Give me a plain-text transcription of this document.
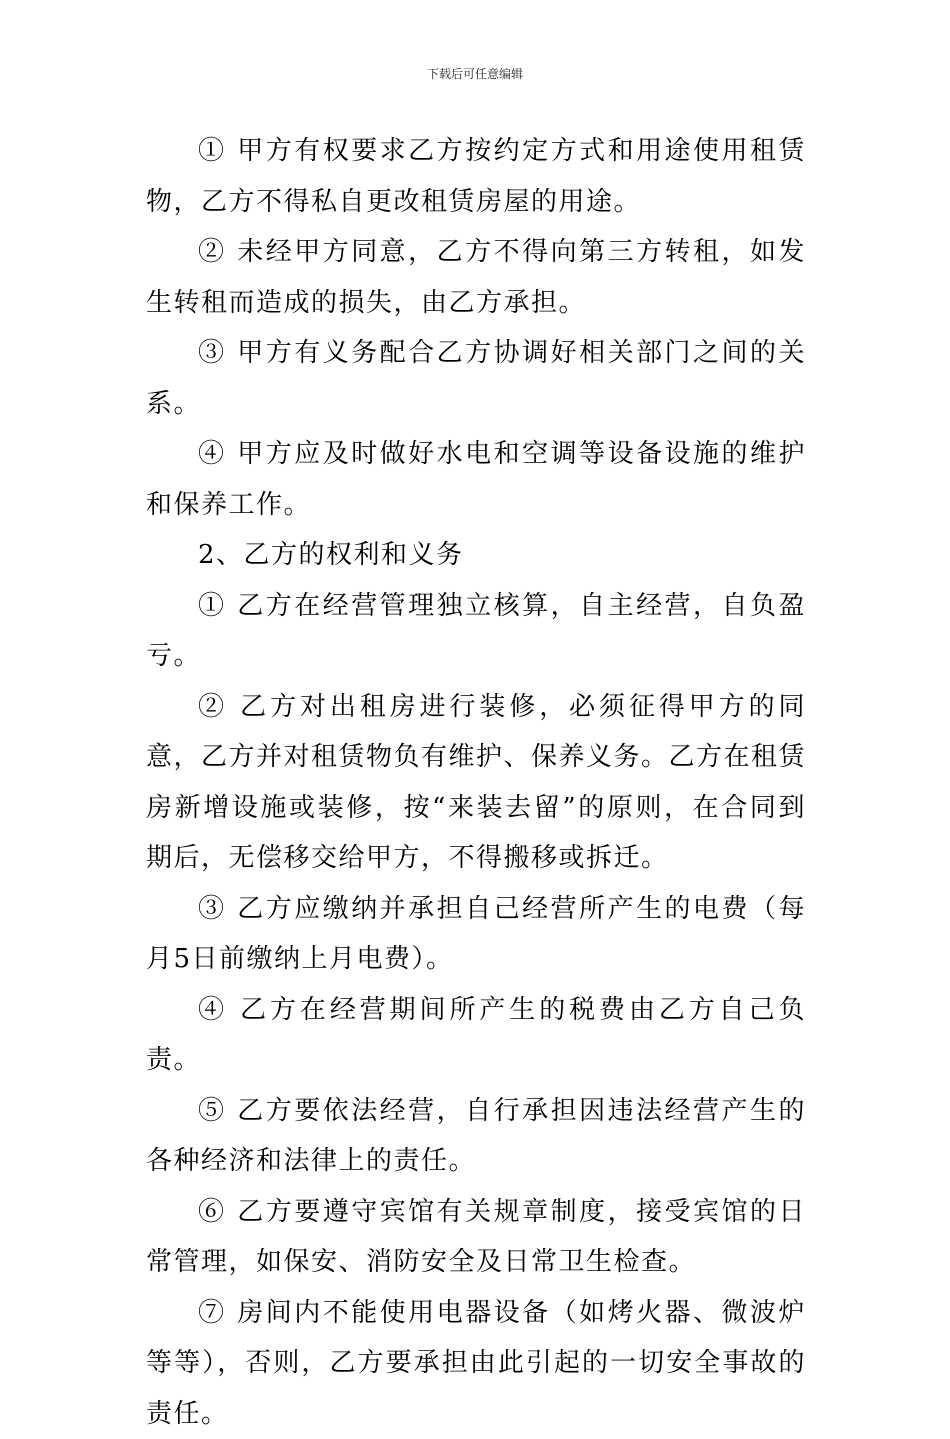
下载后可任意编辑

① 甲方有权要求乙方按约定方式和用途使用租赁物，乙方不得私自更改租赁房屋的用途。

② 未经甲方同意，乙方不得向第三方转租，如发生转租而造成的损失，由乙方承担。

③ 甲方有义务配合乙方协调好相关部门之间的关系。

④ 甲方应及时做好水电和空调等设备设施的维护和保养工作。

2、乙方的权利和义务

① 乙方在经营管理独立核算，自主经营，自负盈亏。

② 乙方对出租房进行装修，必须征得甲方的同意，乙方并对租赁物负有维护、保养义务。乙方在租赁房新增设施或装修，按“来装去留”的原则，在合同到期后，无偿移交给甲方，不得搬移或拆迁。

③ 乙方应缴纳并承担自己经营所产生的电费（每月5日前缴纳上月电费）。

④ 乙方在经营期间所产生的税费由乙方自己负责。

⑤ 乙方要依法经营，自行承担因违法经营产生的各种经济和法律上的责任。

⑥ 乙方要遵守宾馆有关规章制度，接受宾馆的日常管理，如保安、消防安全及日常卫生检查。

⑦ 房间内不能使用电器设备（如烤火器、微波炉等等），否则，乙方要承担由此引起的一切安全事故的责任。
